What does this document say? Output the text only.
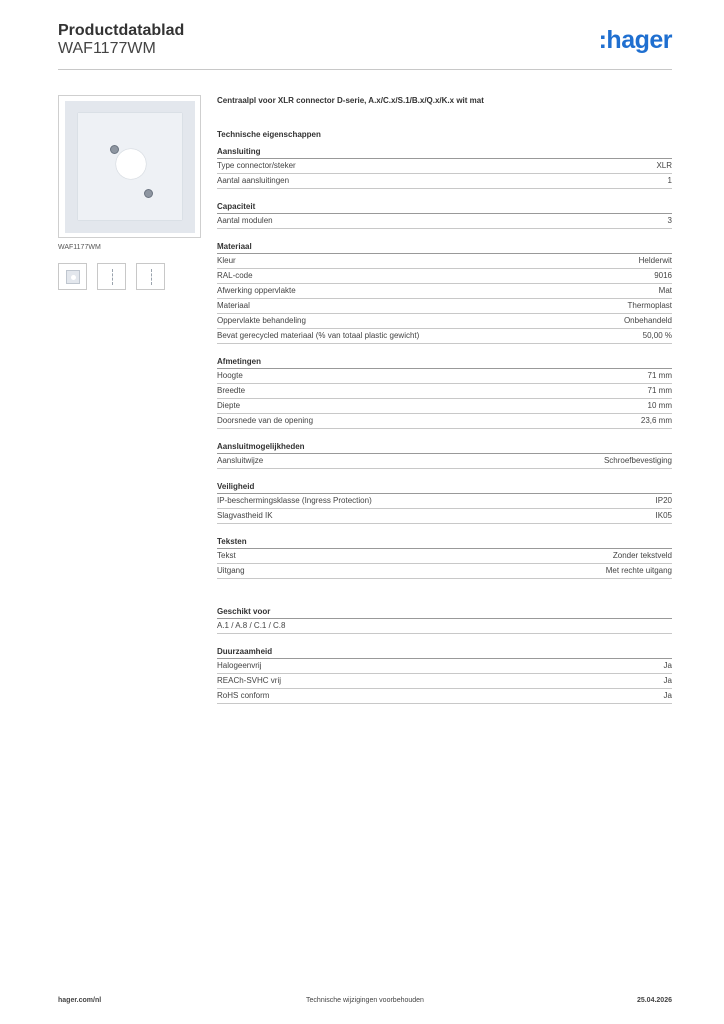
Productdatablad
WAF1177WM	:hager
WAF1177WM
Centraalpl voor XLR connector D-serie, A.x/C.x/S.1/B.x/Q.x/K.x wit mat
Technische eigenschappen
Aansluiting
Type connector/steker	XLR
Aantal aansluitingen	1
Capaciteit
Aantal modulen	3
Materiaal
Kleur	Helderwit
RAL-code	9016
Afwerking oppervlakte	Mat
Materiaal	Thermoplast
Oppervlakte behandeling	Onbehandeld
Bevat gerecycled materiaal (% van totaal plastic gewicht)	50,00 %
Afmetingen
Hoogte	71 mm
Breedte	71 mm
Diepte	10 mm
Doorsnede van de opening	23,6 mm
Aansluitmogelijkheden
Aansluitwijze	Schroefbevestiging
Veiligheid
IP-beschermingsklasse (Ingress Protection)	IP20
Slagvastheid IK	IK05
Teksten
Tekst	Zonder tekstveld
Uitgang	Met rechte uitgang
Geschikt voor
A.1 / A.8 / C.1 / C.8
Duurzaamheid
Halogeenvrij	Ja
REACh-SVHC vrij	Ja
RoHS conform	Ja
hager.com/nl	Technische wijzigingen voorbehouden	25.04.2026
